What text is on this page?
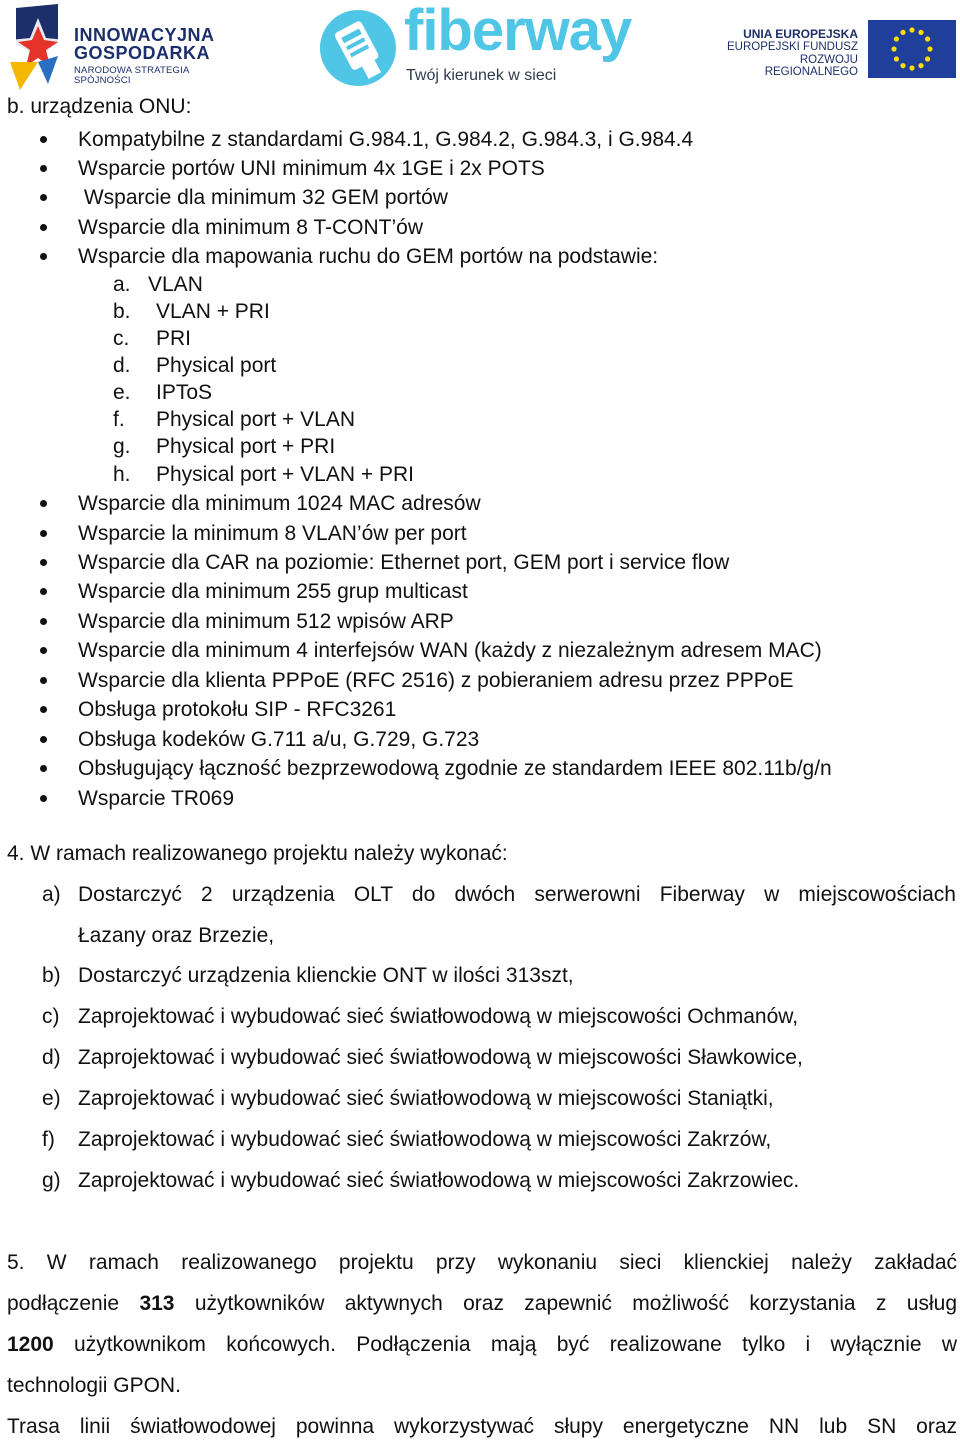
INNOWACYJNA
GOSPODARKA
NARODOWA STRATEGIA SPÓJNOŚCI
fiberway
Twój kierunek w sieci
UNIA EUROPEJSKA
EUROPEJSKI FUNDUSZ
ROZWOJU REGIONALNEGO
b. urządzenia ONU:
Kompatybilne z standardami G.984.1, G.984.2, G.984.3, i G.984.4
Wsparcie portów UNI minimum 4x 1GE i 2x POTS
Wsparcie dla minimum 32 GEM portów
Wsparcie dla minimum 8 T-CONT’ów
Wsparcie dla mapowania ruchu do GEM portów na podstawie:
a. VLAN
b. VLAN + PRI
c. PRI
d. Physical port
e. IPToS
f. Physical port + VLAN
g. Physical port + PRI
h. Physical port + VLAN + PRI
Wsparcie dla minimum 1024 MAC adresów
Wsparcie la minimum 8 VLAN’ów per port
Wsparcie dla CAR na poziomie: Ethernet port, GEM port i service flow
Wsparcie dla minimum 255 grup multicast
Wsparcie dla minimum 512 wpisów ARP
Wsparcie dla minimum 4 interfejsów WAN (każdy z niezależnym adresem MAC)
Wsparcie dla klienta PPPoE (RFC 2516) z pobieraniem adresu przez PPPoE
Obsługa protokołu SIP - RFC3261
Obsługa kodeków G.711 a/u, G.729, G.723
Obsługujący łączność bezprzewodową zgodnie ze standardem IEEE 802.11b/g/n
Wsparcie TR069
4. W ramach realizowanego projektu należy wykonać:
a) Dostarczyć 2 urządzenia OLT do dwóch serwerowni Fiberway w miejscowościach
Łazany oraz Brzezie,
b) Dostarczyć urządzenia klienckie ONT w ilości 313szt,
c) Zaprojektować i wybudować sieć światłowodową w miejscowości Ochmanów,
d) Zaprojektować i wybudować sieć światłowodową w miejscowości Sławkowice,
e) Zaprojektować i wybudować sieć światłowodową w miejscowości Staniątki,
f) Zaprojektować i wybudować sieć światłowodową w miejscowości Zakrzów,
g) Zaprojektować i wybudować sieć światłowodową w miejscowości Zakrzowiec.
5. W ramach realizowanego projektu przy wykonaniu sieci klienckiej należy zakładać
podłączenie 313 użytkowników aktywnych oraz zapewnić możliwość korzystania z usług
1200 użytkownikom końcowych. Podłączenia mają być realizowane tylko i wyłącznie w
technologii GPON.
Trasa linii światłowodowej powinna wykorzystywać słupy energetyczne NN lub SN oraz
